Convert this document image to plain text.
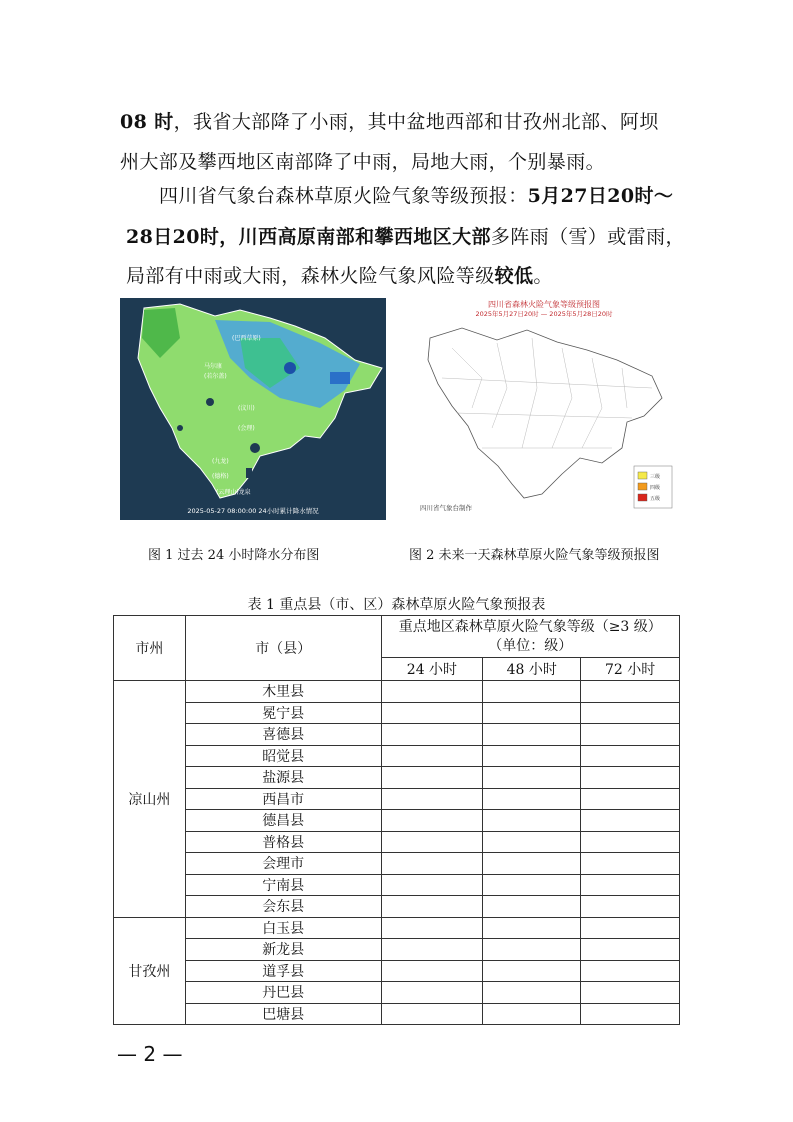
08 时，我省大部降了小雨，其中盆地西部和甘孜州北部、阿坝
州大部及攀西地区南部降了中雨，局地大雨，个别暴雨。
四川省气象台森林草原火险气象等级预报：5月27日20时～
28日20时，川西高原南部和攀西地区大部多阵雨（雪）或雷雨，
局部有中雨或大雨，森林火险气象风险等级较低。
(巴西草原)
马尔康
(若尔盖)
(汶川)
(会理)
(九龙)
(德格)
(云理山)龙泉
2025-05-27 08:00:00 24小时累计降水情况
四川省森林火险气象等级预报图
2025年5月27日20时 — 2025年5月28日20时
四川省气象台制作
三级
四级
五级
图 1 过去 24 小时降水分布图	图 2 未来一天森林草原火险气象等级预报图
表 1 重点县（市、区）森林草原火险气象预报表
市州	市（县）	重点地区森林草原火险气象等级（≥3 级）
（单位：级）		

		24 小时	48 小时	72 小时
凉山州	木里县			
	冕宁县			
	喜德县			
	昭觉县			
	盐源县			
	西昌市			
	德昌县			
	普格县			
	会理市			
	宁南县			
	会东县			
甘孜州	白玉县			
	新龙县			
	道孚县			
	丹巴县			
	巴塘县			
— 2 —
